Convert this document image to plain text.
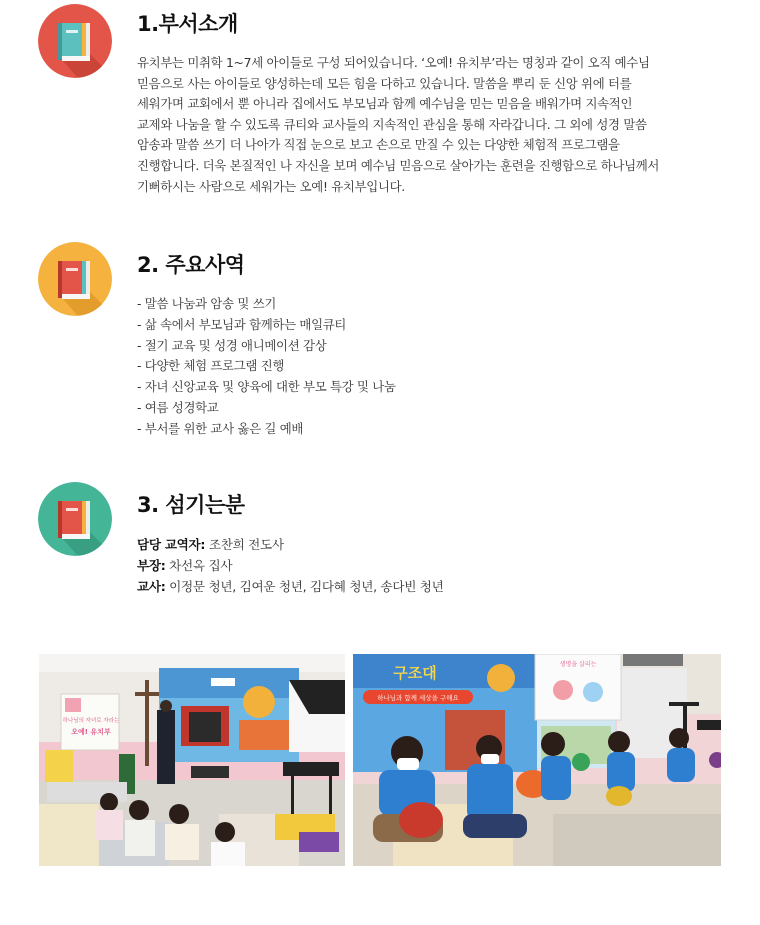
1.부서소개

유치부는 미취학 1~7세 아이들로 구성 되어있습니다. ‘오예! 유치부’라는 명칭과 같이 오직 예수님

믿음으로 사는 아이들로 양성하는데 모든 힘을 다하고 있습니다. 말씀을 뿌리 둔 신앙 위에 터를

세워가며 교회에서 뿐 아니라 집에서도 부모님과 함께 예수님을 믿는 믿음을 배워가며 지속적인

교제와 나눔을 할 수 있도록 큐티와 교사들의 지속적인 관심을 통해 자라갑니다. 그 외에 성경 말씀

암송과 말씀 쓰기 더 나아가 직접 눈으로 보고 손으로 만질 수 있는 다양한 체험적 프로그램을

진행합니다. 더욱 본질적인 나 자신을 보며 예수님 믿음으로 살아가는 훈련을 진행함으로 하나님께서

기뻐하시는 사람으로 세워가는 오예! 유치부입니다.

2. 주요사역
- 말씀 나눔과 암송 및 쓰기
- 삶 속에서 부모님과 함께하는 매일큐티
- 절기 교육 및 성경 애니메이션 감상
- 다양한 체험 프로그램 진행
- 자녀 신앙교육 및 양육에 대한 부모 특강 및 나눔
- 여름 성경학교
- 부서를 위한 교사 옳은 길 예배
3. 섬기는분
담당 교역자: 조찬희 전도사
부장: 차선옥 집사
교사: 이정문 청년, 김여운 청년, 김다혜 청년, 송다빈 청년
하나님의 자녀로 자라는
오예! 유치부
구조대
하나님과 함께 세상을 구해요
생명을 살리는
